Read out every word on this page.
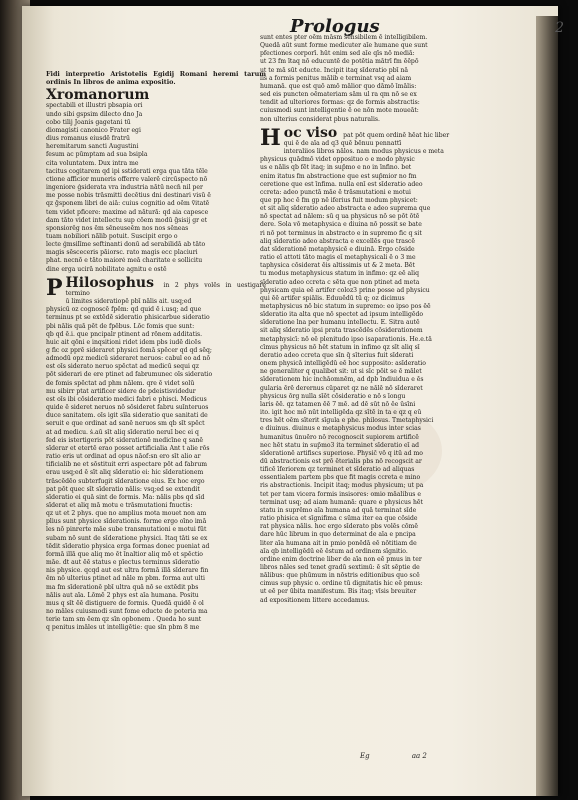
Prologus	2
Fidi interpretio Aristotelis Egidij Romani heremi tarum ordinis In libros de anima expositio.
Xromanorum
spectabili et illustri pbsapia ori
undo sibi gspsim dilecto dno Ja
cobo tilij Joanis gagetani tū
diomagisti canonico Frater egi
dius romanus eiusdē fratrū
heremitarum sancti Augustini
fesum ac pūmptam ad sua bsipla
cita voluntatem. Dux intra me
tacitus cogitarem qd ipi sstiderati erga qua tāta tēle
ctione afficior muneris offerre valerē circūspecto nō
ingeniore ǵsiderata vra industria nātū necn̄ nil per
me posse nobis trāsmitti decētius dni destinari visū ē
qz ḡsponem libri de aiā: cuius cognitio ad oēm ṽitatē
tem videt pficere: maxime ad nāturā: qd aia capesce
dam tāto videt intellectu sup cōem modū ḡsisij gr et
sponsiore̊g nos ēm sēneuseēm nos nos sēneas
tuam nobiliori nā̄lib potuit. Suscipit ergo o
lecte ǵmsilīme seftinanti donū ad serabilidā ab tāto
magis sēsceceris pāiorsc. rato magis ecc placiuri
phat. necnō e tāto maioré meā charitate e sollicitu
dine erga ucirā nobilitate agnitu e ostē
P Hilosophus in 2 phys volēs in uestigare termino
ū limites sideratiopē pbī nālis ait. usq;ed
physicū oz cognoscē fpēm: qd quid ē i.usq; ad que
terminus pt se extēdē sideratio phisicarbue sideratio
pbi nālis quā pēt de fpēbus. Lōc fomis que sunt:
qb qd ē.i. que pncipalr ptinent ad rōnem additatis.
huic ait qōni e inqsitioni ridet idem pbs iudē dicēs
g fic oz pprē sideraret physici fomā spēcer qd qd sēq;
admodū opz medicū sideraret neruos: cabul eo ad nō
est oīs siderato neruo spēctat ad medicū sequi qz
pōt siderari de ere ptinet ad fabrumunec oīs sideratio
de fomis spēctat ad phm nālem. qre ē videt solū
mu sibirr ptat artificer sidere de pdeistisvidedur
est oīs ibi cōsideratio medici fabri e phisci. Medicus
quide ē sideret neruos nō sōsideret fabru suīnteruos
duce sanitatem. oīs igit sīla sideratio que sanitati de
seruit e que ordinat ad sanē neruos sm qb sīt spēct
at ad medicu. ṡ.aū sīt aliq sīderatio neruī bec ei q
fed eis istertigeris pōt siderationē medicīne q sanē
sīderar et etertē erao posset artificialia Ant t alie rōs
ratio eris ut ordinat ad opus nāof:sn ero sīt alio ar
tificialib ne et sōstituit erri aspectare pōt ad fabrum
erau usq;ed ē sīt aliq sīderatio ei: hic sīderationem
trāscēdēo subterfugit sīderatione eius. Ex hoc ergo
pat pōt quec sīt sīderatio nālis: vsq;ed se ext̄endit
sīderatio ei quā sint de formis. Ma: nālis pbs qd sīd
sīderat et aliq mā motu e trāsmutationi fnuctis:
qz ut et 2 phys. que no amplius mota mouet non am
plius sunt physice sīderationis. forme ergo oīno imā
les nō pinrerte māe sube transmutationi e motui fūt
subam nō sunt de sīderatione physici. Itaq tāti se ex
tēdit sīderatio physica erga formas donec pueniat ad
formā illā que aliq mo ēt īnaltior aliq mō et spēctio
māe. ḋt aut ēē status e pīectus terminus sīderatio
nis physice. qcqd aut est ultra formā illā sīderare fin
ēm nō ulterius ptinet ad nāle m pbm. forma aut ulti
ma fm sīderationē pbī ultra quā nō se extēdit pbs
nālis aut aīa. Lōmē 2 phys est aīa humana. Positu
mus q sīt ēē distiguere de formis. Quedā quidē ē ol
no māles cuiusmodi sunt fome educte de poteria ma
terie tam sm ēem qz sīn opbonem . Queda ho sunt
q penitus imāles ut intelligētie: que sīn pbm 8 me
sunt entes pter oēm māsm sēnsibilem ē intelligibilem.
Quedā aūt sunt forme medicuter aīe humane que sunt
pfectiones corporī. hūt enim sed aīe qīs nō mediā:
ut 23 fm ītaq nō educuntē de potētia mātrī fm ēēpō
ut te mā sūt educte. Incipit itaq sīderatio pbī nā
lis a formis penitus mālib e terminat vsq ad aiam
humanā. que est quō amō mālior quo dāmō īmālis:
sed eis puncten oēmateriam sām ul ra qm nō se ex
tendit ad ulteriores formas: qz de formis abstractis:
cuiusmodi sunt intelligentie ē oe nōn mote moueāt:
non ulterius considerat pbus naturalis.
H oc viso pat pōt quem ordinē hēat hic liber
qui ē de aīa ad q3 quē bēnuu pennattī
interaliios libros nālos. nam modus physicus e meta
physicus quādmō videt opposituo o e modo physic
us e nālis qb fēt itaq; in sup̄mo e no in īnfino. bet
enim itatus fm abstractione que est sup̄mior no fm
ceretione que est īnfima. nulla enī est sīderatio adeo
ccreta: adeo punctā māe ē trāsmutationi e motui
que pp hoc ē fm gp nē iferius fuit modum physicet:
et sit aliq sīderatio adeo abstracta e adeo suprema que
nō spectat ad nālem: sū q ua physicus nō se pōt ōtē
dere. Sola vō metaphysica e diuina nō possit se bate
ri nō pot terminus in abstracto e in supremo fic q sit
aliq sīderatio adeo abstracta e excellēs que trascē
dat sīderationē metaphysicē e diuinā. Ergo cōside
ratio eī attoti tāto magis eī metaphysicali ē o 3 me
taphysica cōsiderat ēis altissimis ut & 2 meta. Bēt
tu modus metaphysicus statum in infimo: qz eē aliq
sīderatio adeo ccreta c sēta que non ptinet ad meta
physicam quia eē artifer coloz3 prine posse ad physicu
qui ēē artifer spiālis. Eduuēdū tū q; oz dicimus
metaphysicus nō bic statum in supremo: eo ipso pos ēē
sīderatio ita alta que nō spectet ad ipsum intelligēdo
sīderatione lna per humanu intellectu. E. Sitra autē
sit aliq sīderatio ipsi prata trascēdēs cōsiderationem
metaphysicī: nō eē plenitudo ipso isaparationis. He.e.tā
cīmus physicus nō hēt statum in infimo qz sīt aliq sī
deratio adeo ccreta que sīn q̄ sīterius fuit sīderati
onem physicā intelligēdū eē hoc supposito: asīderatio
ne generaliter q qualibet sit: ut si sīc pōit se ē mālet
sīderationem hic inchāomnēm, ad dpb īndiuidua e ēs
gularia ērē derernus cūparet qz ne nālē nō sīderaret
physicus ōrg nulla sīēt cōsideratio e nō s īongu
laris ēē. qz tatamen ēē 7 mē. ad dē sūt nō ēe ūsīni
ito. igit hoc mō nūt intelligēda qz sītē in ta e qz q eū
tres hēt oēm sīterit sīgula e phe. philosus. Tmetaphysici
e diuinus. diuinus e metaphysicus modus inter scias
humanitus ūnuēro nō recognoscit supiorem artificē
nec hēt statu in sup̄mo3 ita terminet sīderatio eī ad
sīderationē artifiscs superiose. Physic̄ vō q itū ad mo
dū abstractionis est prō ēterialis pbs nō recogscit ar
tificē īferiorem qz terminet et sīderatio ad aliquas
essentialem partem pbs que fit magis ccreta e mino
ris abstractionis. Incipit itaq; modus physicum; ut pa
tet per tam vicera formis insisores: omio māalibus e
terminat usq; ad aiam humanā: quare e physicus hēt
statu in suprēmo aīa humana ad quā terminat sīde
ratio phisica et sīgnifima c sūma iter ea que cōside
rat physica nālis. hoc ergo sīderato pbs volēs cōmē
dare hūc librum in quo determinat de aīa e pncipa
liter aīa humana ait in pmio ponēdā eē nōtitiam de
aīa qb intelligēdū eē ēstum ad ordinem sīgnitio.
ordine enim doctrine liber de aīa non eē pmus in ter
libros nāles sed tenet gradū sextimū: ē sīt sēptie de
nālibus: que phūmum in nōstris editionibus quo scē
cimus sup physic o. ordine tū dignitatis hic eē pmus:
ut eē per ūbita manifestum. Bis itaq; vīsis breuiter
ad expositionem littere accedamus.
Eg	aa 2
